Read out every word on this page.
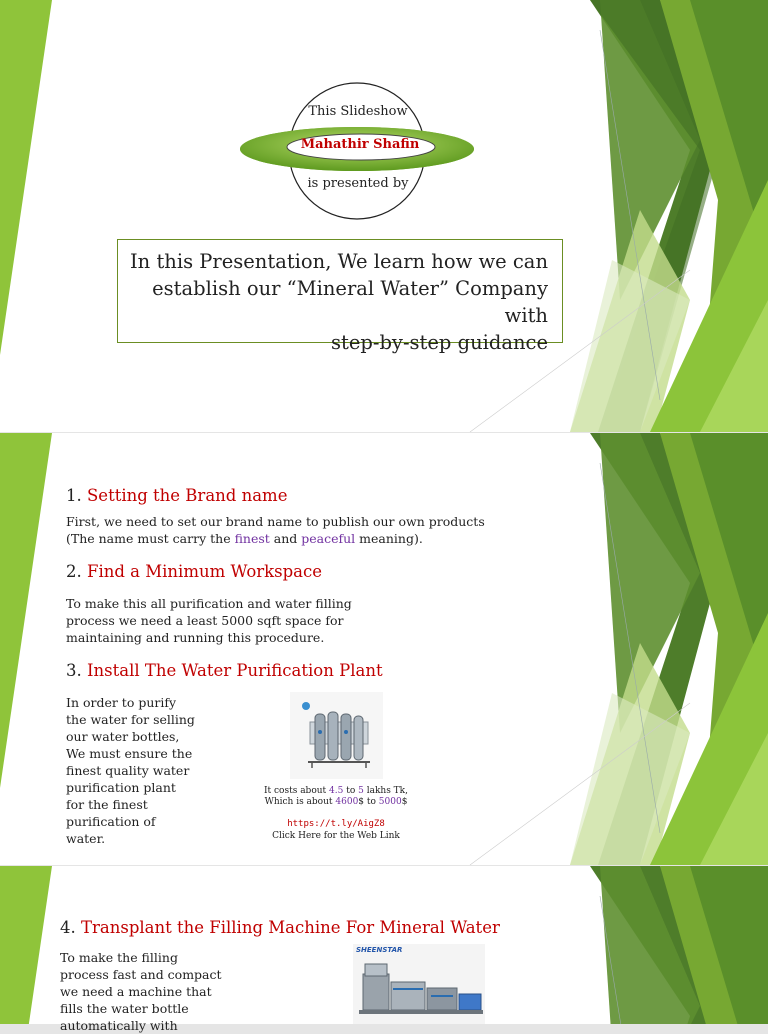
This Slideshow
Mahathir Shafin
is presented by
In this Presentation, We learn how we can
establish our “Mineral Water” Company with
step-by-step guidance
1. Setting the Brand name
First, we need to set our brand name to publish our own products
(The name must carry the finest and peaceful meaning).
2. Find a Minimum Workspace
To make this all purification and water filling
process we need a least 5000 sqft space for
maintaining and running this procedure.
3. Install The Water Purification Plant
In order to purify
the water for selling
our water bottles,
We must ensure the
finest quality water
purification plant
for the finest
purification of
water.
It costs about 4.5 to 5 lakhs Tk,
Which is about 4600$ to 5000$
https://t.ly/AigZ8
Click Here for the Web Link
4. Transplant the Filling Machine For Mineral Water
To make the filling
process fast and compact
we need a machine that
fills the water bottle
automatically with
SHEENSTAR
